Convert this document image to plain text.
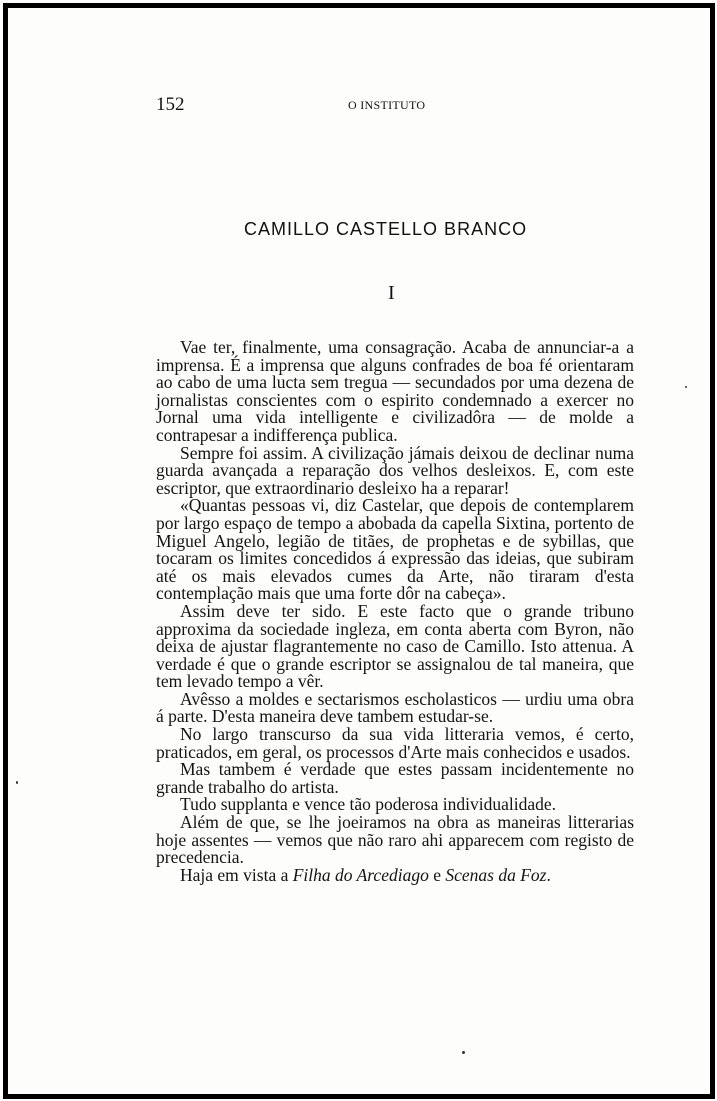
152	O INSTITUTO
CAMILLO CASTELLO BRANCO
I

Vae ter, finalmente, uma consagração. Acaba de annunciar-a a imprensa. É a imprensa que alguns confrades de boa fé orientaram ao cabo de uma lucta sem tregua — secundados por uma dezena de jornalistas conscientes com o espirito condemnado a exercer no Jornal uma vida intelligente e civilizadôra — de molde a contrapesar a indifferença publica.

Sempre foi assim. A civilização jámais deixou de declinar numa guarda avançada a reparação dos velhos desleixos. E, com este escriptor, que extraordinario desleixo ha a reparar!

«Quantas pessoas vi, diz Castelar, que depois de contemplarem por largo espaço de tempo a abobada da capella Sixtina, portento de Miguel Angelo, legião de titães, de prophetas e de sybillas, que tocaram os limites concedidos á expressão das ideias, que subiram até os mais elevados cumes da Arte, não tiraram d'esta contemplação mais que uma forte dôr na cabeça».

Assim deve ter sido. E este facto que o grande tribuno approxima da sociedade ingleza, em conta aberta com Byron, não deixa de ajustar flagrantemente no caso de Camillo. Isto attenua. A verdade é que o grande escriptor se assignalou de tal maneira, que tem levado tempo a vêr.

Avêsso a moldes e sectarismos escholasticos — urdiu uma obra á parte. D'esta maneira deve tambem estudar-se.

No largo transcurso da sua vida litteraria vemos, é certo, praticados, em geral, os processos d'Arte mais conhecidos e usados.

Mas tambem é verdade que estes passam incidentemente no grande trabalho do artista.

Tudo supplanta e vence tão poderosa individualidade.

Além de que, se lhe joeiramos na obra as maneiras litterarias hoje assentes — vemos que não raro ahi apparecem com registo de precedencia.

Haja em vista a Filha do Arcediago e Scenas da Foz.
